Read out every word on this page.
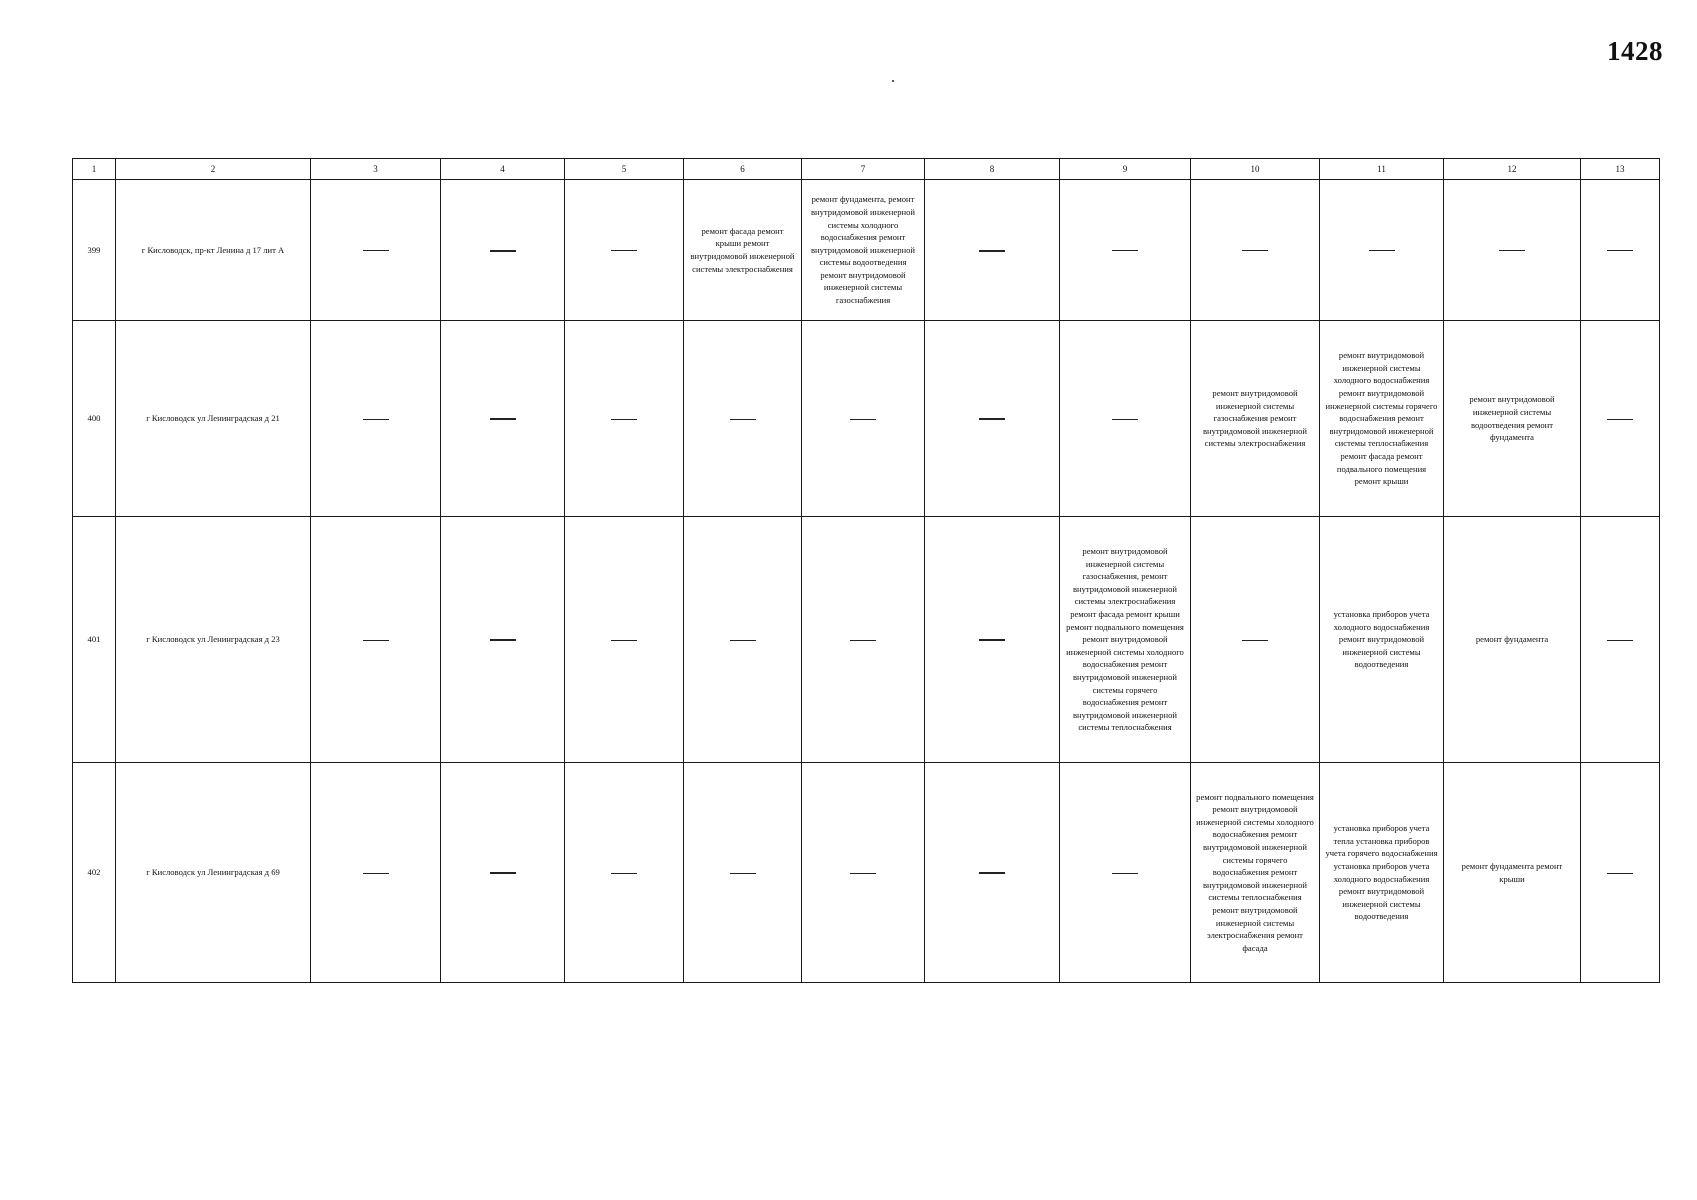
1428
1	2	3	4	5	6	7	8	9	10	11	12	13
399	г Кисловодск, пр-кт Ленина д 17 лит А				ремонт фасада ремонт крыши ремонт внутридомовой инженерной системы электроснабжения	ремонт фундамента, ремонт внутридомовой инженерной системы холодного водоснабжения ремонт внутридомовой инженерной системы водоотведения ремонт внутридомовой инженерной системы газоснабжения						

400	г Кисловодск ул Ленинградская д 21								ремонт внутридомовой инженерной системы газоснабжения ремонт внутридомовой инженерной системы электроснабжения	ремонт внутридомовой инженерной системы холодного водоснабжения ремонт внутридомовой инженерной системы горячего водоснабжения ремонт внутридомовой инженерной системы теплоснабжения ремонт фасада ремонт подвального помещения ремонт крыши	ремонт внутридомовой инженерной системы водоотведения ремонт фундамента	

401	г Кисловодск ул Ленинградская д 23							ремонт внутридомовой инженерной системы газоснабжения, ремонт внутридомовой инженерной системы электроснабжения ремонт фасада ремонт крыши ремонт подвального помещения ремонт внутридомовой инженерной системы холодного водоснабжения ремонт внутридомовой инженерной системы горячего водоснабжения ремонт внутридомовой инженерной системы теплоснабжения		установка приборов учета холодного водоснабжения ремонт внутридомовой инженерной системы водоотведения	ремонт фундамента	

402	г Кисловодск ул Ленинградская д 69								ремонт подвального помещения ремонт внутридомовой инженерной системы холодного водоснабжения ремонт внутридомовой инженерной системы горячего водоснабжения ремонт внутридомовой инженерной системы теплоснабжения ремонт внутридомовой инженерной системы электроснабжения ремонт фасада	установка приборов учета тепла установка приборов учета горячего водоснабжения установка приборов учета холодного водоснабжения ремонт внутридомовой инженерной системы водоотведения	ремонт фундамента ремонт крыши	
